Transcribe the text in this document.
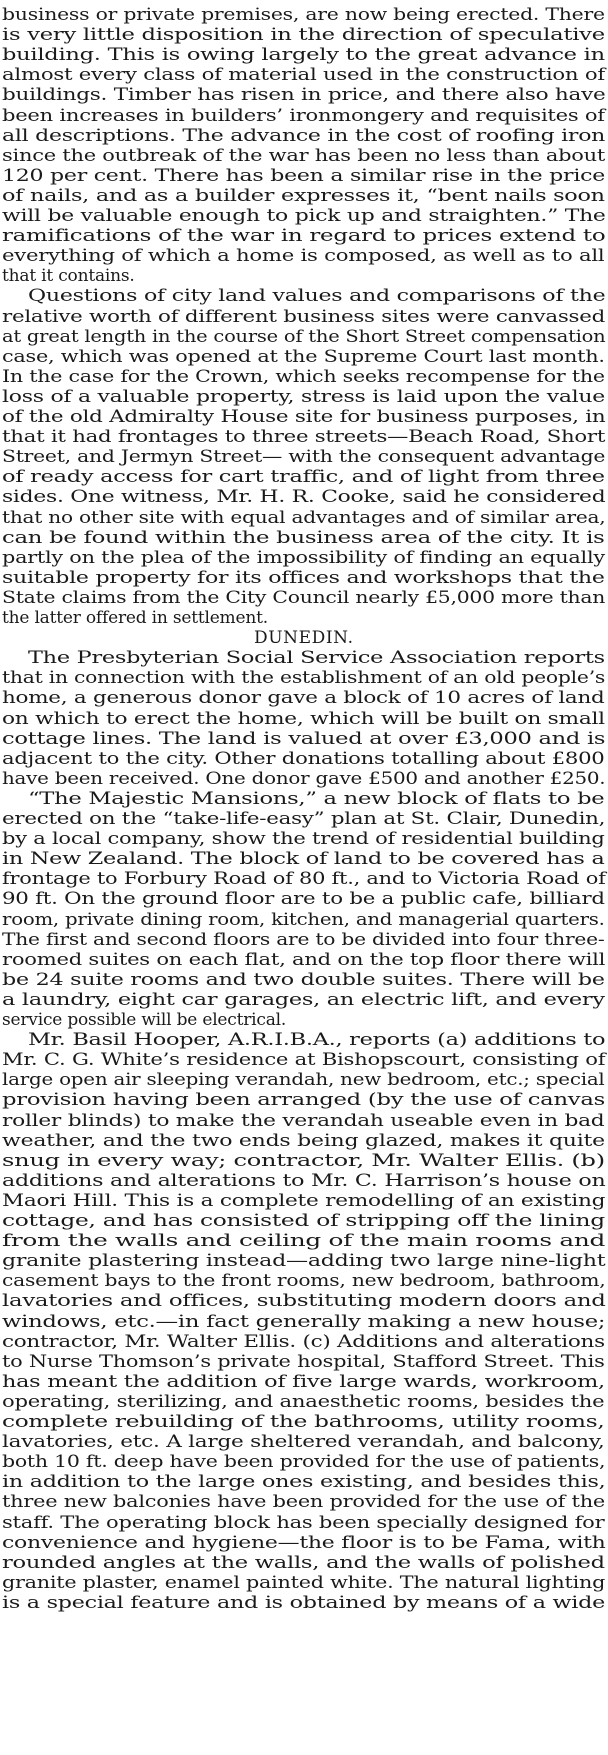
business or private premises, are now being erected. There
is very little disposition in the direction of speculative
building. This is owing largely to the great advance in
almost every class of material used in the construction of
buildings. Timber has risen in price, and there also have
been increases in builders’ ironmongery and requisites of
all descriptions. The advance in the cost of roofing iron
since the outbreak of the war has been no less than about
120 per cent. There has been a similar rise in the price
of nails, and as a builder expresses it, “bent nails soon
will be valuable enough to pick up and straighten.” The
ramifications of the war in regard to prices extend to
everything of which a home is composed, as well as to all
that it contains.
Questions of city land values and comparisons of the
relative worth of different business sites were canvassed
at great length in the course of the Short Street compensation
case, which was opened at the Supreme Court last month.
In the case for the Crown, which seeks recompense for the
loss of a valuable property, stress is laid upon the value
of the old Admiralty House site for business purposes, in
that it had frontages to three streets—Beach Road, Short
Street, and Jermyn Street— with the consequent advantage
of ready access for cart traffic, and of light from three
sides. One witness, Mr. H. R. Cooke, said he considered
that no other site with equal advantages and of similar area,
can be found within the business area of the city. It is
partly on the plea of the impossibility of finding an equally
suitable property for its offices and workshops that the
State claims from the City Council nearly £5,000 more than
the latter offered in settlement.
DUNEDIN.
The Presbyterian Social Service Association reports
that in connection with the establishment of an old people’s
home, a generous donor gave a block of 10 acres of land
on which to erect the home, which will be built on small
cottage lines. The land is valued at over £3,000 and is
adjacent to the city. Other donations totalling about £800
have been received. One donor gave £500 and another £250.
“The Majestic Mansions,” a new block of flats to be
erected on the “take-life-easy” plan at St. Clair, Dunedin,
by a local company, show the trend of residential building
in New Zealand. The block of land to be covered has a
frontage to Forbury Road of 80 ft., and to Victoria Road of
90 ft. On the ground floor are to be a public cafe, billiard
room, private dining room, kitchen, and managerial quarters.
The first and second floors are to be divided into four three-
roomed suites on each flat, and on the top floor there will
be 24 suite rooms and two double suites. There will be
a laundry, eight car garages, an electric lift, and every
service possible will be electrical.
Mr. Basil Hooper, A.R.I.B.A., reports (a) additions to
Mr. C. G. White’s residence at Bishopscourt, consisting of
large open air sleeping verandah, new bedroom, etc.; special
provision having been arranged (by the use of canvas
roller blinds) to make the verandah useable even in bad
weather, and the two ends being glazed, makes it quite
snug in every way; contractor, Mr. Walter Ellis. (b)
additions and alterations to Mr. C. Harrison’s house on
Maori Hill. This is a complete remodelling of an existing
cottage, and has consisted of stripping off the lining
from the walls and ceiling of the main rooms and
granite plastering instead—adding two large nine-light
casement bays to the front rooms, new bedroom, bathroom,
lavatories and offices, substituting modern doors and
windows, etc.—in fact generally making a new house;
contractor, Mr. Walter Ellis. (c) Additions and alterations
to Nurse Thomson’s private hospital, Stafford Street. This
has meant the addition of five large wards, workroom,
operating, sterilizing, and anaesthetic rooms, besides the
complete rebuilding of the bathrooms, utility rooms,
lavatories, etc. A large sheltered verandah, and balcony,
both 10 ft. deep have been provided for the use of patients,
in addition to the large ones existing, and besides this,
three new balconies have been provided for the use of the
staff. The operating block has been specially designed for
convenience and hygiene—the floor is to be Fama, with
rounded angles at the walls, and the walls of polished
granite plaster, enamel painted white. The natural lighting
is a special feature and is obtained by means of a wide
